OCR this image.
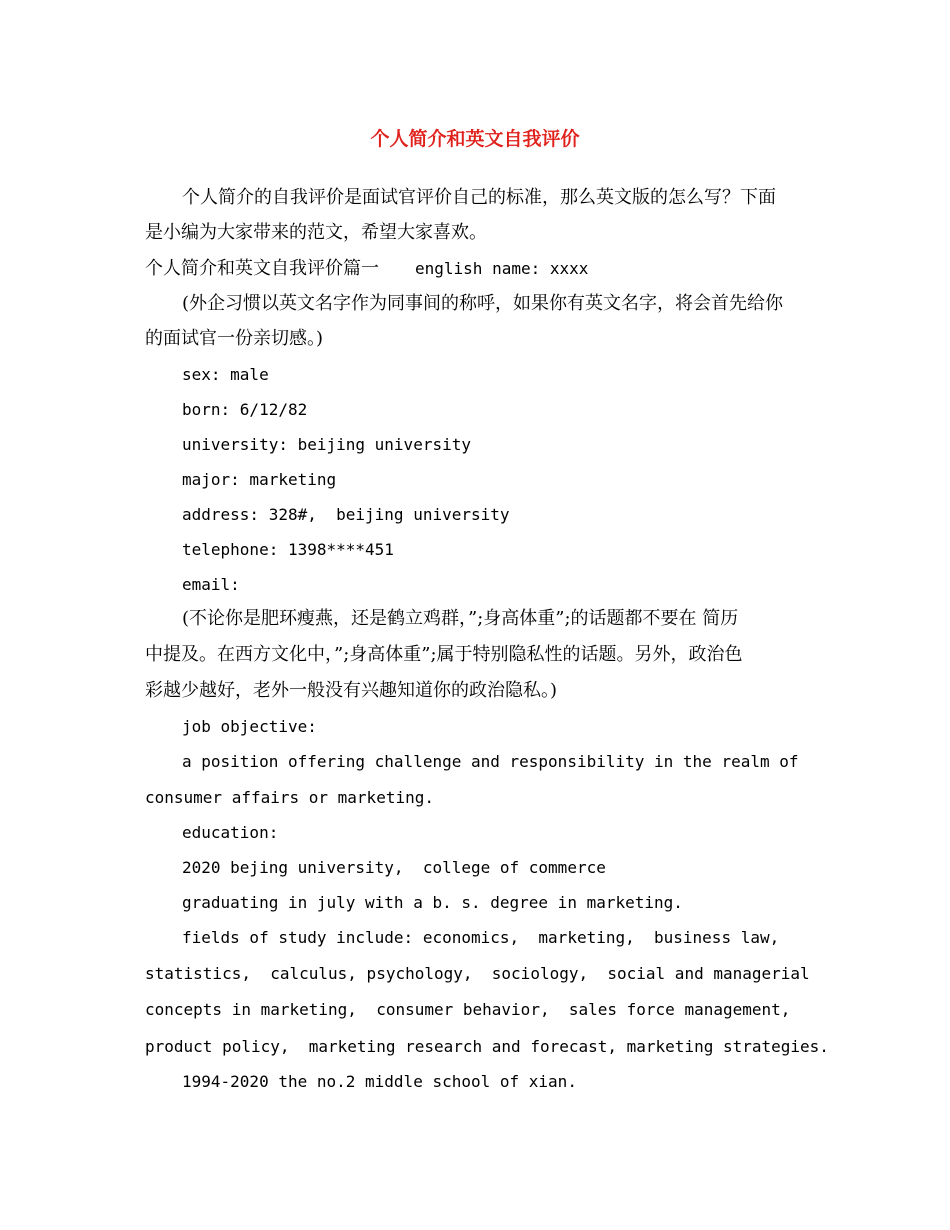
个人简介和英文自我评价

个人简介的自我评价是面试官评价自己的标准，那么英文版的怎么写？下面

是小编为大家带来的范文，希望大家喜欢。

个人简介和英文自我评价篇一 english name: xxxx

(外企习惯以英文名字作为同事间的称呼，如果你有英文名字，将会首先给你

的面试官一份亲切感。)

sex: male

born: 6/12/82

university: beijing university

major: marketing

address: 328#,  beijing university

telephone: 1398****451

email:

(不论你是肥环瘦燕，还是鹤立鸡群，”;身高体重”;的话题都不要在 简历

中提及。在西方文化中，”;身高体重”;属于特别隐私性的话题。另外，政治色

彩越少越好，老外一般没有兴趣知道你的政治隐私。)

job objective:

a position offering challenge and responsibility in the realm of

consumer affairs or marketing.

education:

2020 bejing university,  college of commerce

graduating in july with a b. s. degree in marketing.

fields of study include: economics,  marketing,  business law,

statistics,  calculus, psychology,  sociology,  social and managerial

concepts in marketing,  consumer behavior,  sales force management,

product policy,  marketing research and forecast, marketing strategies.

1994-2020 the no.2 middle school of xian.
